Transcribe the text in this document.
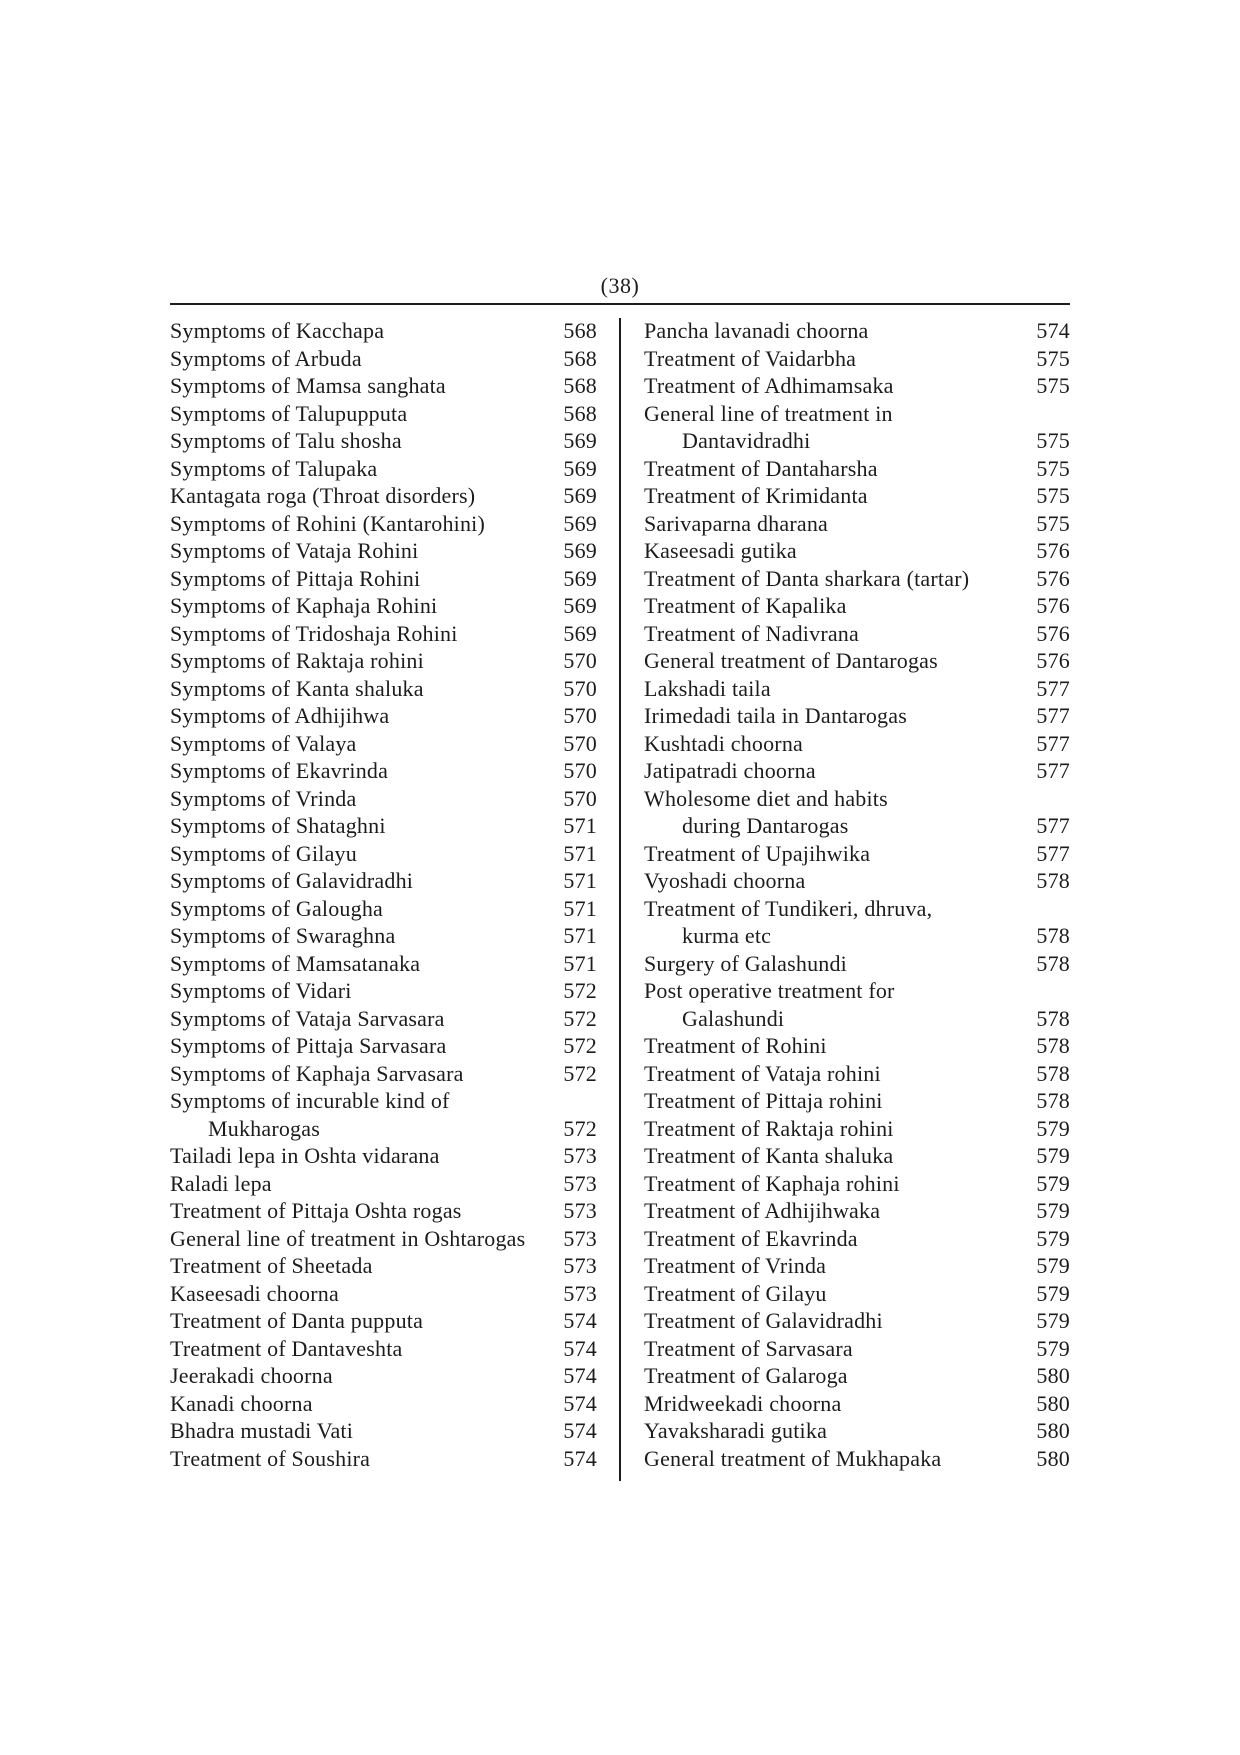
(38)
Symptoms of Kacchapa	568
Symptoms of Arbuda	568
Symptoms of Mamsa sanghata	568
Symptoms of Talupupputa	568
Symptoms of Talu shosha	569
Symptoms of Talupaka	569
Kantagata roga (Throat disorders)	569
Symptoms of Rohini (Kantarohini)	569
Symptoms of Vataja Rohini	569
Symptoms of Pittaja Rohini	569
Symptoms of Kaphaja Rohini	569
Symptoms of Tridoshaja Rohini	569
Symptoms of Raktaja rohini	570
Symptoms of Kanta shaluka	570
Symptoms of Adhijihwa	570
Symptoms of Valaya	570
Symptoms of Ekavrinda	570
Symptoms of Vrinda	570
Symptoms of Shataghni	571
Symptoms of Gilayu	571
Symptoms of Galavidradhi	571
Symptoms of Galougha	571
Symptoms of Swaraghna	571
Symptoms of Mamsatanaka	571
Symptoms of Vidari	572
Symptoms of Vataja Sarvasara	572
Symptoms of Pittaja Sarvasara	572
Symptoms of Kaphaja Sarvasara	572
Symptoms of incurable kind of
Mukharogas	572
Tailadi lepa in Oshta vidarana	573
Raladi lepa	573
Treatment of Pittaja Oshta rogas	573
General line of treatment in Oshtarogas	573
Treatment of Sheetada	573
Kaseesadi choorna	573
Treatment of Danta pupputa	574
Treatment of Dantaveshta	574
Jeerakadi choorna	574
Kanadi choorna	574
Bhadra mustadi Vati	574
Treatment of Soushira	574
Pancha lavanadi choorna	574
Treatment of Vaidarbha	575
Treatment of Adhimamsaka	575
General line of treatment in
Dantavidradhi	575
Treatment of Dantaharsha	575
Treatment of Krimidanta	575
Sarivaparna dharana	575
Kaseesadi gutika	576
Treatment of Danta sharkara (tartar)	576
Treatment of Kapalika	576
Treatment of Nadivrana	576
General treatment of Dantarogas	576
Lakshadi taila	577
Irimedadi taila in Dantarogas	577
Kushtadi choorna	577
Jatipatradi choorna	577
Wholesome diet and habits
during Dantarogas	577
Treatment of Upajihwika	577
Vyoshadi choorna	578
Treatment of Tundikeri, dhruva,
kurma etc	578
Surgery of Galashundi	578
Post operative treatment for
Galashundi	578
Treatment of Rohini	578
Treatment of Vataja rohini	578
Treatment of Pittaja rohini	578
Treatment of Raktaja rohini	579
Treatment of Kanta shaluka	579
Treatment of Kaphaja rohini	579
Treatment of Adhijihwaka	579
Treatment of Ekavrinda	579
Treatment of Vrinda	579
Treatment of Gilayu	579
Treatment of Galavidradhi	579
Treatment of Sarvasara	579
Treatment of Galaroga	580
Mridweekadi choorna	580
Yavaksharadi gutika	580
General treatment of Mukhapaka	580
